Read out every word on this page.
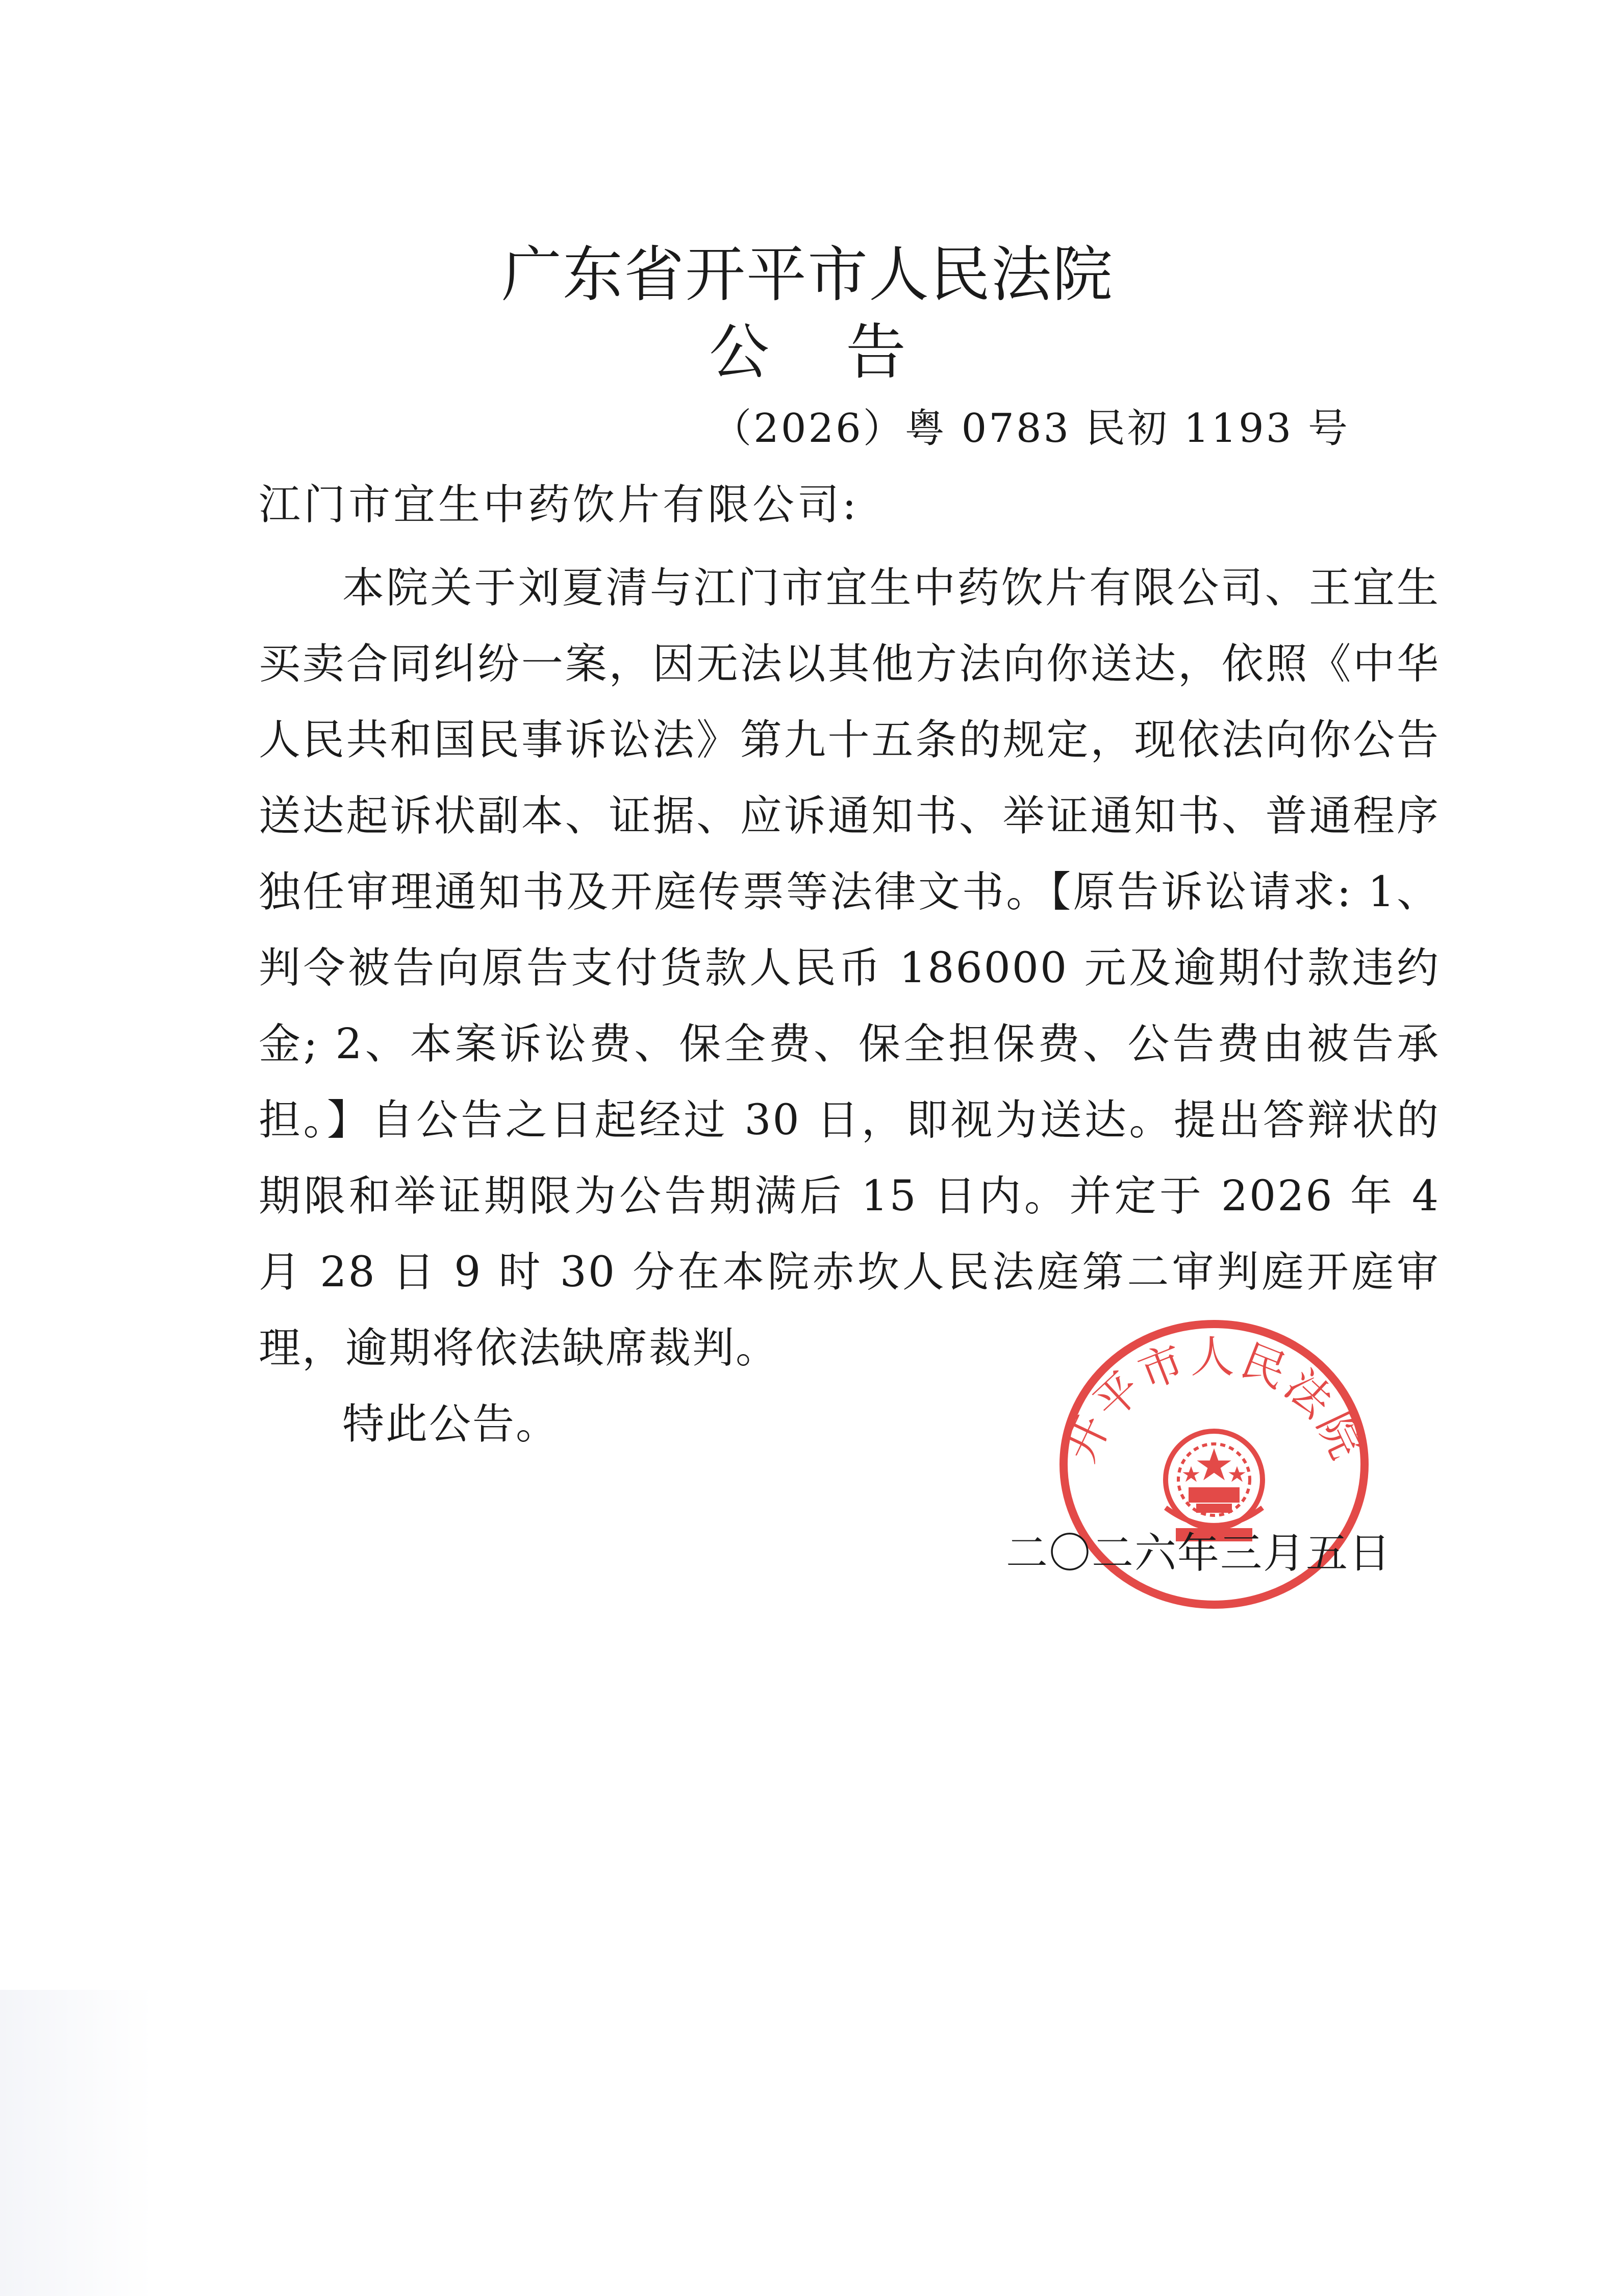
广东省开平市人民法院
公告
（2026）粤 0783 民初 1193 号
江门市宜生中药饮片有限公司:

本院关于刘夏清与江门市宜生中药饮片有限公司、王宜生买卖合同纠纷一案，因无法以其他方法向你送达，依照《中华人民共和国民事诉讼法》第九十五条的规定，现依法向你公告送达起诉状副本、证据、应诉通知书、举证通知书、普通程序独任审理通知书及开庭传票等法律文书。【原告诉讼请求: 1、判令被告向原告支付货款人民币 186000 元及逾期付款违约金; 2、本案诉讼费、保全费、保全担保费、公告费由被告承担。】自公告之日起经过 30 日，即视为送达。提出答辩状的期限和举证期限为公告期满后 15 日内。并定于 2026 年 4 月 28 日 9 时 30 分在本院赤坎人民法庭第二审判庭开庭审理，逾期将依法缺席裁判。

特此公告。	开平市人民法院
二〇二六年三月五日
